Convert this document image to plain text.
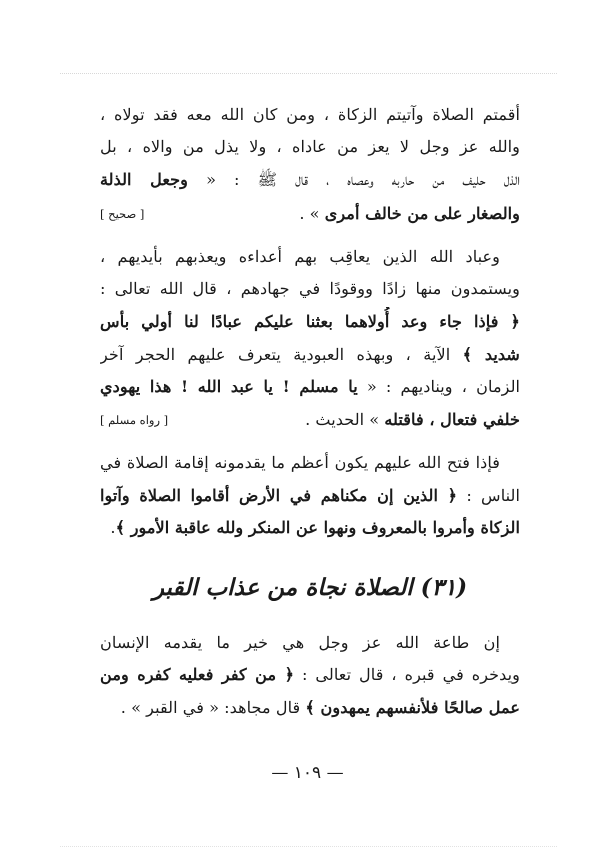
أقمتم الصلاة وآتيتم الزكاة ، ومن كان الله معه فقد تولاه ،
والله عز وجل لا يعز من عاداه ، ولا يذل من والاه ، بل
الذل حليف من حاربه وعصاه ، قال ﷺ : « وجعل الذلة
والصغار على من خالف أمرى » .
[ صحيح ]
وعباد الله الذين يعاقِب بهم أعداءه ويعذبهم بأيديهم ،
ويستمدون منها زادًا ووقودًا في جهادهم ، قال الله تعالى :
﴿ فإذا جاء وعد أُولاهما بعثنا عليكم عبادًا لنا أولي بأس
شديد ﴾ الآية ، وبهذه العبودية يتعرف عليهم الحجر آخر
الزمان ، ويناديهم : « يا مسلم ! يا عبد الله ! هذا يهودي
خلفي فتعال ، فاقتله » الحديث .
[ رواه مسلم ]
فإذا فتح الله عليهم يكون أعظم ما يقدمونه إقامة الصلاة في
الناس : ﴿ الذين إن مكناهم في الأرض أقاموا الصلاة وآتوا
الزكاة وأمروا بالمعروف ونهوا عن المنكر ولله عاقبة الأمور ﴾.
(٣١) الصلاة نجاة من عذاب القبر
إن طاعة الله عز وجل هي خير ما يقدمه الإنسان
ويدخره في قبره ، قال تعالى : ﴿ من كفر فعليه كفره ومن
عمل صالحًا فلأنفسهم يمهدون ﴾ قال مجاهد: « في القبر » .
— ١٠٩ —
